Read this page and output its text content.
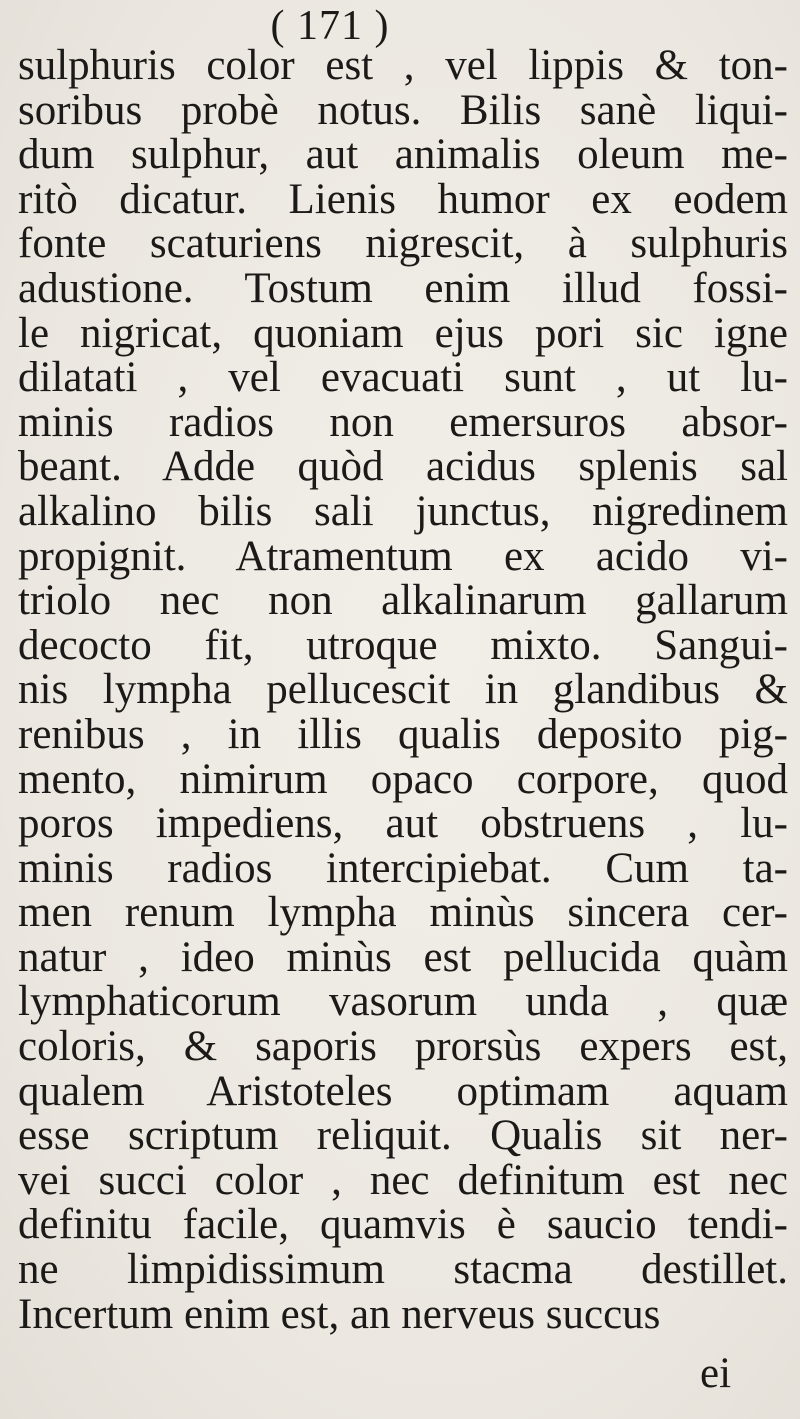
( 171 )
sulphuris color est , vel lippis & ton-
soribus probè notus. Bilis sanè liqui-
dum sulphur, aut animalis oleum me-
ritò dicatur. Lienis humor ex eodem
fonte scaturiens nigrescit, à sulphuris
adustione. Tostum enim illud fossi-
le nigricat, quoniam ejus pori sic igne
dilatati , vel evacuati sunt , ut lu-
minis radios non emersuros absor-
beant. Adde quòd acidus splenis sal
alkalino bilis sali junctus, nigredinem
propignit. Atramentum ex acido vi-
triolo nec non alkalinarum gallarum
decocto fit, utroque mixto. Sangui-
nis lympha pellucescit in glandibus &
renibus , in illis qualis deposito pig-
mento, nimirum opaco corpore, quod
poros impediens, aut obstruens , lu-
minis radios intercipiebat. Cum ta-
men renum lympha minùs sincera cer-
natur , ideo minùs est pellucida quàm
lymphaticorum vasorum unda , quæ
coloris, & saporis prorsùs expers est,
qualem Aristoteles optimam aquam
esse scriptum reliquit. Qualis sit ner-
vei succi color , nec definitum est nec
definitu facile, quamvis è saucio tendi-
ne limpidissimum stacma destillet.
Incertum enim est, an nerveus succus
ei
